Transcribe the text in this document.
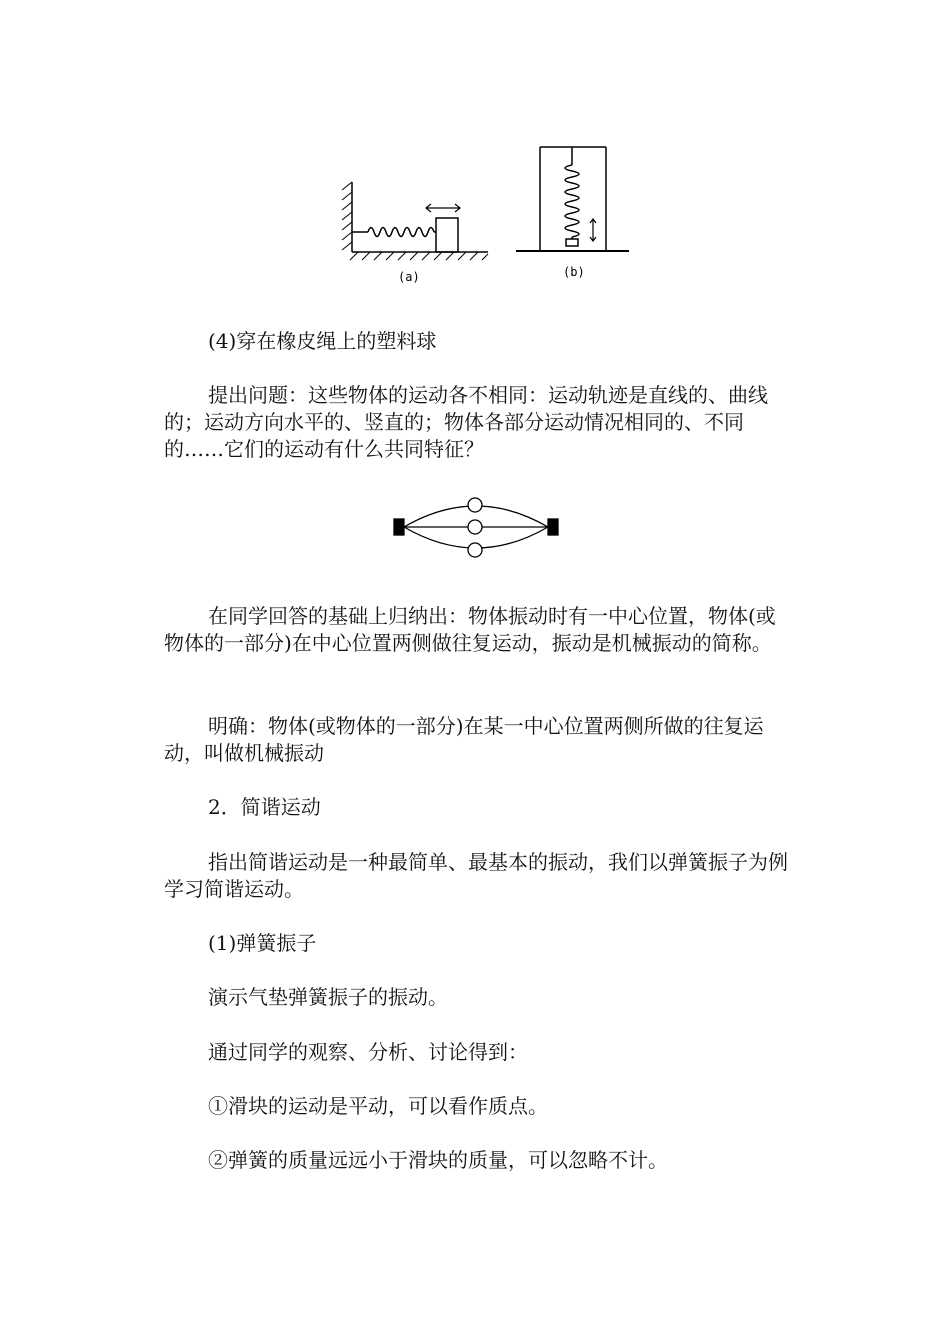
(a)	(b)

(4)穿在橡皮绳上的塑料球

提出问题：这些物体的运动各不相同：运动轨迹是直线的、曲线的；运动方向水平的、竖直的；物体各部分运动情况相同的、不同的……它们的运动有什么共同特征？

在同学回答的基础上归纳出：物体振动时有一中心位置，物体(或物体的一部分)在中心位置两侧做往复运动，振动是机械振动的简称。

明确：物体(或物体的一部分)在某一中心位置两侧所做的往复运动，叫做机械振动

2．简谐运动

指出简谐运动是一种最简单、最基本的振动，我们以弹簧振子为例学习简谐运动。

(1)弹簧振子

演示气垫弹簧振子的振动。

通过同学的观察、分析、讨论得到：

①滑块的运动是平动，可以看作质点。

②弹簧的质量远远小于滑块的质量，可以忽略不计。
